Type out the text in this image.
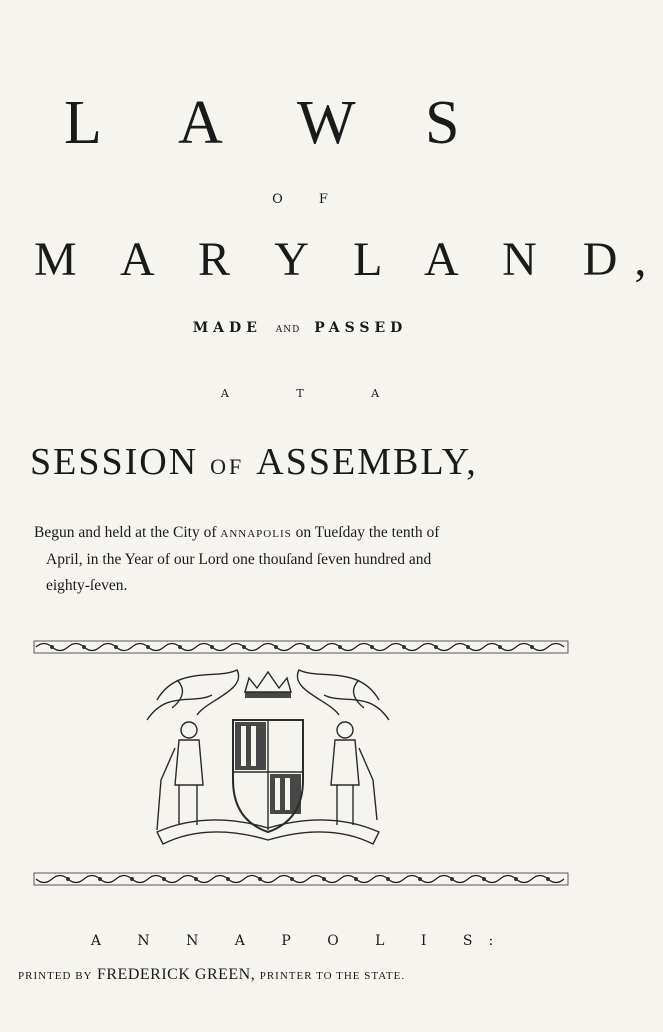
L A W S
O F
M A R Y L A N D,
MADE AND PASSED
A T A
SESSION OF ASSEMBLY,
Begun and held at the City of ANNAPOLIS on Tueſday the tenth of
April, in the Year of our Lord one thouſand ſeven hundred and
eighty-ſeven.
A N N A P O L I S:
PRINTED BY FREDERICK GREEN, PRINTER TO THE STATE.
